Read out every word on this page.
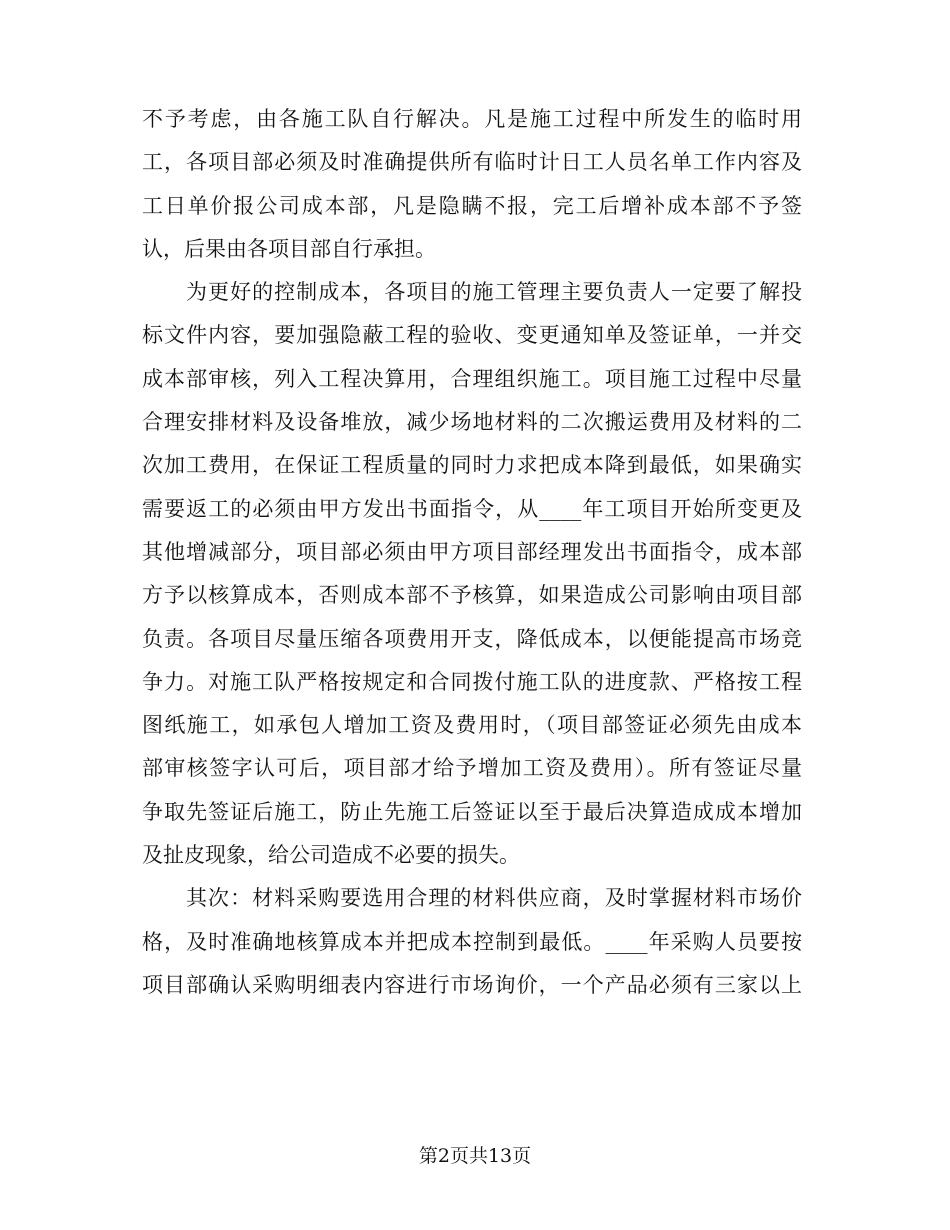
不予考虑，由各施工队自行解决。凡是施工过程中所发生的临时用
工，各项目部必须及时准确提供所有临时计日工人员名单工作内容及
工日单价报公司成本部，凡是隐瞒不报，完工后增补成本部不予签
认，后果由各项目部自行承担。
为更好的控制成本，各项目的施工管理主要负责人一定要了解投
标文件内容，要加强隐蔽工程的验收、变更通知单及签证单，一并交
成本部审核，列入工程决算用，合理组织施工。项目施工过程中尽量
合理安排材料及设备堆放，减少场地材料的二次搬运费用及材料的二
次加工费用，在保证工程质量的同时力求把成本降到最低，如果确实
需要返工的必须由甲方发出书面指令，从____年工项目开始所变更及
其他增减部分，项目部必须由甲方项目部经理发出书面指令，成本部
方予以核算成本，否则成本部不予核算，如果造成公司影响由项目部
负责。各项目尽量压缩各项费用开支，降低成本，以便能提高市场竞
争力。对施工队严格按规定和合同拨付施工队的进度款、严格按工程
图纸施工，如承包人增加工资及费用时，（项目部签证必须先由成本
部审核签字认可后，项目部才给予增加工资及费用）。所有签证尽量
争取先签证后施工，防止先施工后签证以至于最后决算造成成本增加
及扯皮现象，给公司造成不必要的损失。
其次：材料采购要选用合理的材料供应商，及时掌握材料市场价
格，及时准确地核算成本并把成本控制到最低。____年采购人员要按
项目部确认采购明细表内容进行市场询价，一个产品必须有三家以上
第2页共13页
